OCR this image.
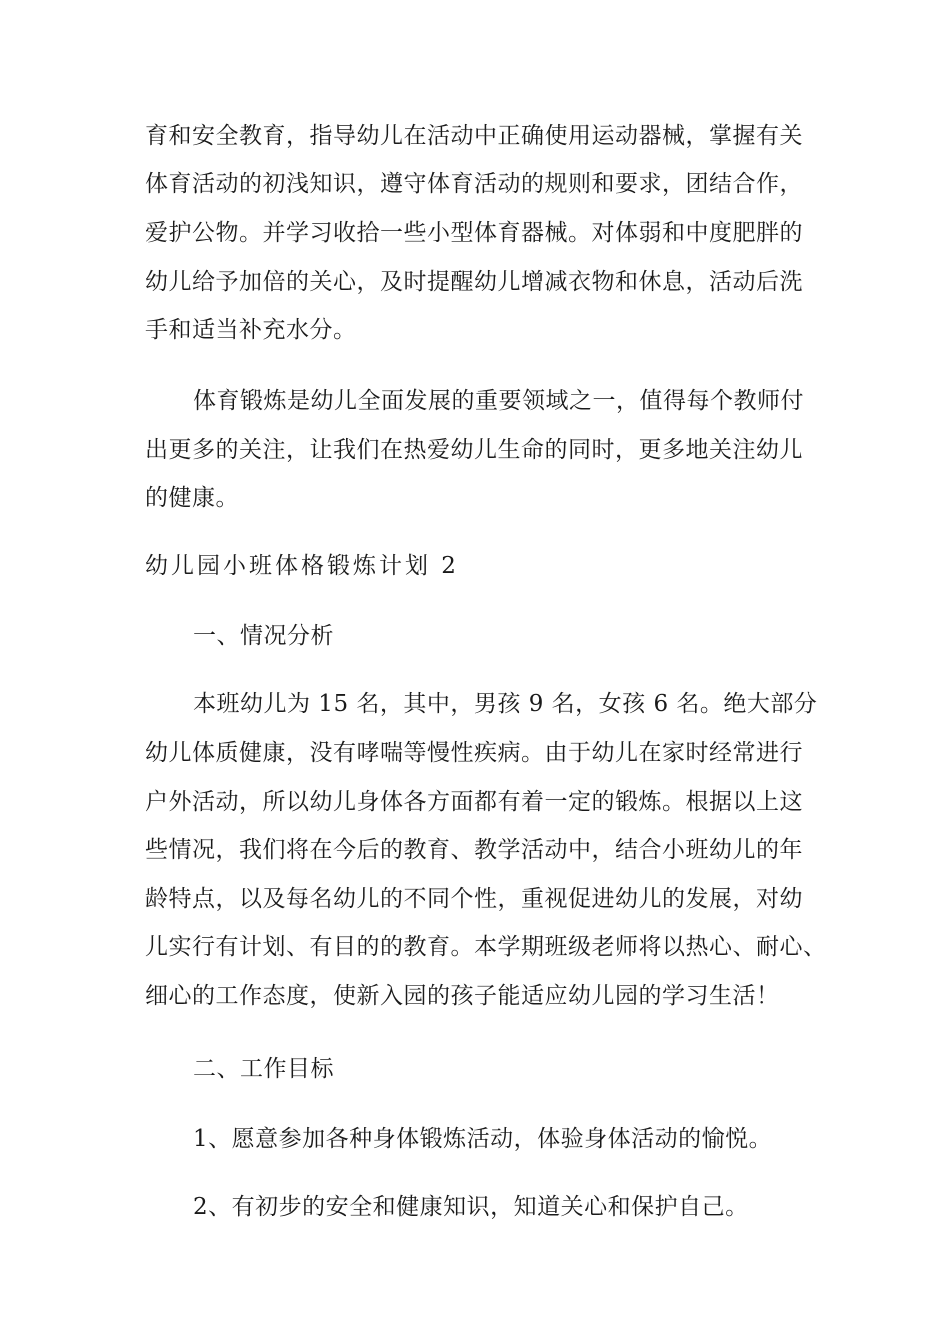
育和安全教育，指导幼儿在活动中正确使用运动器械，掌握有关
体育活动的初浅知识，遵守体育活动的规则和要求，团结合作，
爱护公物。并学习收拾一些小型体育器械。对体弱和中度肥胖的
幼儿给予加倍的关心，及时提醒幼儿增减衣物和休息，活动后洗
手和适当补充水分。
体育锻炼是幼儿全面发展的重要领域之一，值得每个教师付
出更多的关注，让我们在热爱幼儿生命的同时，更多地关注幼儿
的健康。
幼儿园小班体格锻炼计划 2
一、情况分析
本班幼儿为 15 名，其中，男孩 9 名，女孩 6 名。绝大部分
幼儿体质健康，没有哮喘等慢性疾病。由于幼儿在家时经常进行
户外活动，所以幼儿身体各方面都有着一定的锻炼。根据以上这
些情况，我们将在今后的教育、教学活动中，结合小班幼儿的年
龄特点，以及每名幼儿的不同个性，重视促进幼儿的发展，对幼
儿实行有计划、有目的的教育。本学期班级老师将以热心、耐心、
细心的工作态度，使新入园的孩子能适应幼儿园的学习生活！
二、工作目标
1、愿意参加各种身体锻炼活动，体验身体活动的愉悦。
2、有初步的安全和健康知识，知道关心和保护自己。
